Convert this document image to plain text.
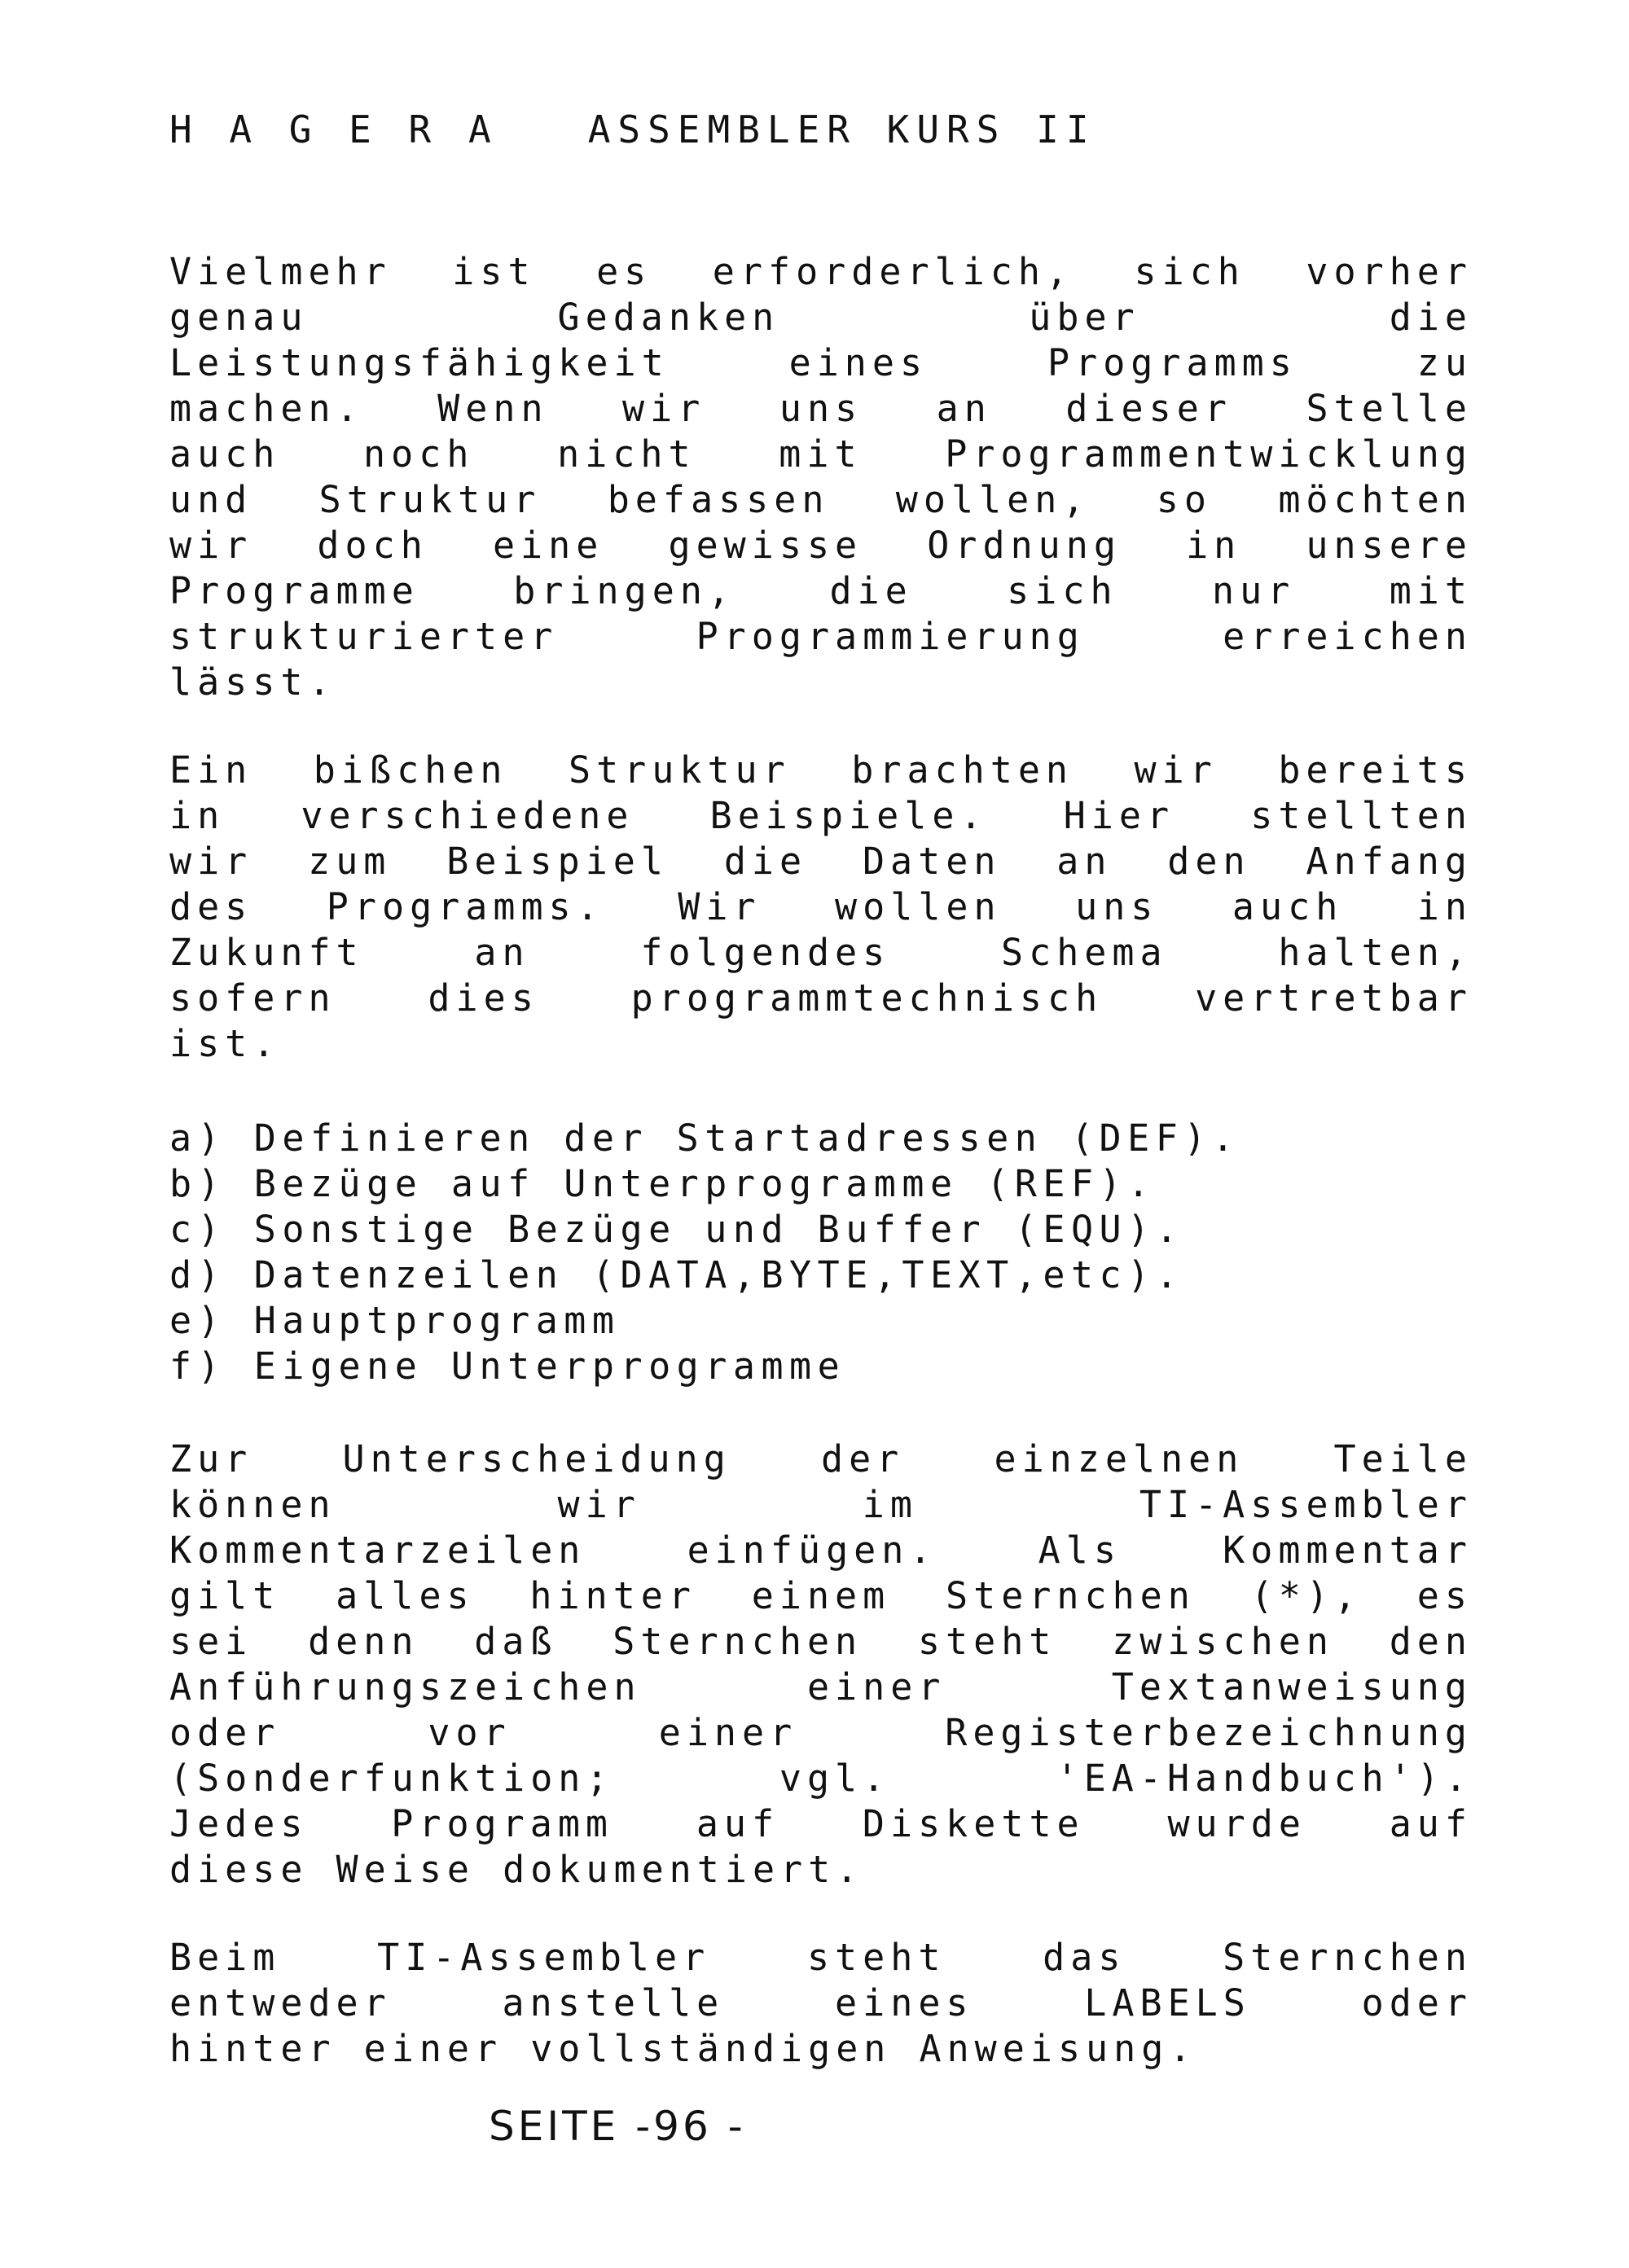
H A G E R A   ASSEMBLER KURS II
Vielmehr ist es erforderlich, sich vorher
genau Gedanken über die
Leistungsfähigkeit eines Programms zu
machen. Wenn wir uns an dieser Stelle
auch noch nicht mit Programmentwicklung
und Struktur befassen wollen, so möchten
wir doch eine gewisse Ordnung in unsere
Programme bringen, die sich nur mit
strukturierter Programmierung erreichen
lässt.
Ein bißchen Struktur brachten wir bereits
in verschiedene Beispiele. Hier stellten
wir zum Beispiel die Daten an den Anfang
des Programms. Wir wollen uns auch in
Zukunft an folgendes Schema halten,
sofern dies programmtechnisch vertretbar
ist.
a) Definieren der Startadressen (DEF).
b) Bezüge auf Unterprogramme (REF).
c) Sonstige Bezüge und Buffer (EQU).
d) Datenzeilen (DATA,BYTE,TEXT,etc).
e) Hauptprogramm
f) Eigene Unterprogramme
Zur Unterscheidung der einzelnen Teile
können wir im TI-Assembler
Kommentarzeilen einfügen. Als Kommentar
gilt alles hinter einem Sternchen (*), es
sei denn daß Sternchen steht zwischen den
Anführungszeichen einer Textanweisung
oder vor einer Registerbezeichnung
(Sonderfunktion; vgl. 'EA-Handbuch').
Jedes Programm auf Diskette wurde auf
diese Weise dokumentiert.
Beim TI-Assembler steht das Sternchen
entweder anstelle eines LABELS oder
hinter einer vollständigen Anweisung.
SEITE -96 -
